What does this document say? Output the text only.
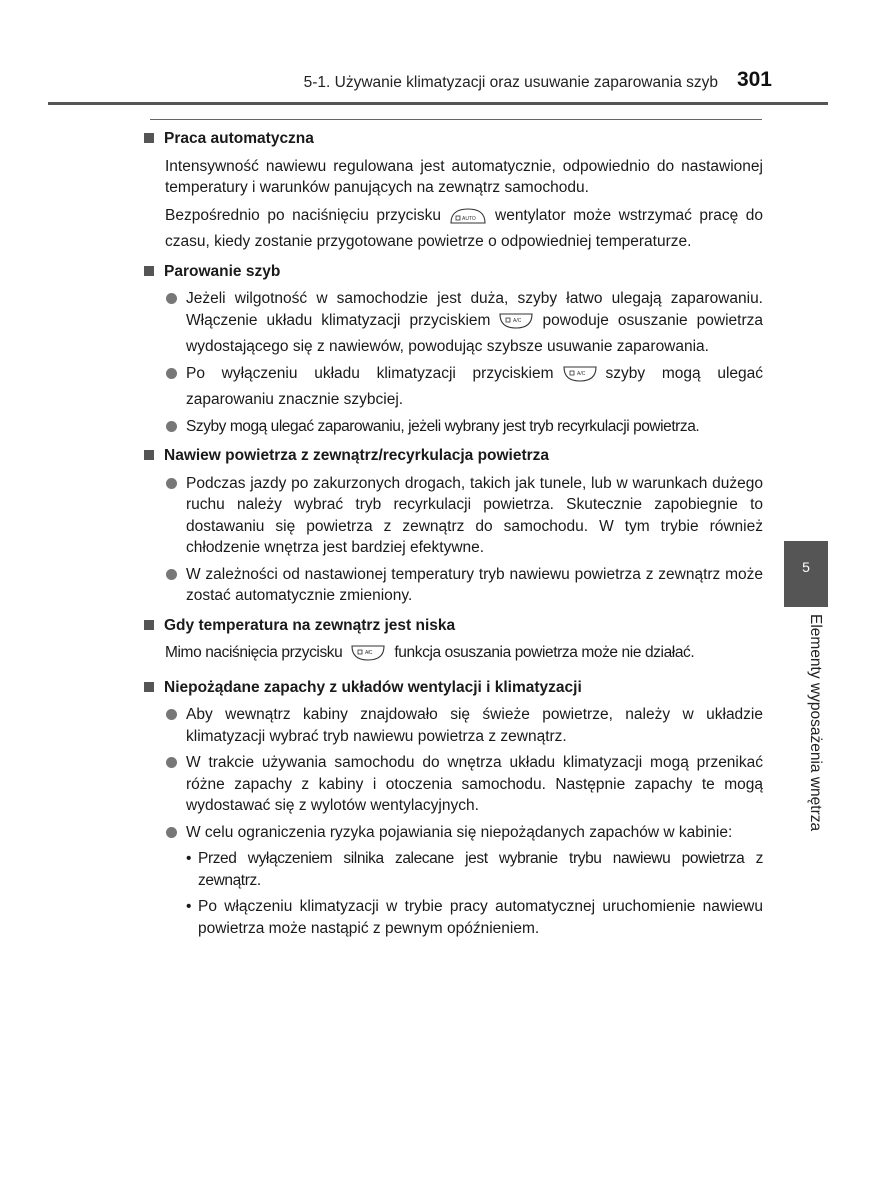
5-1. Używanie klimatyzacji oraz usuwanie zaparowania szyb 301
Praca automatyczna

Intensywność nawiewu regulowana jest automatycznie, odpowiednio do nastawionej temperatury i warunków panujących na zewnątrz samochodu.

Bezpośrednio po naciśnięciu przycisku	AUTO wentylator może wstrzymać pracę do czasu, kiedy zostanie przygotowane powietrze o odpowiedniej temperaturze.

Parowanie szyb
Jeżeli wilgotność w samochodzie jest duża, szyby łatwo ulegają zaparowaniu. Włączenie układu klimatyzacji przyciskiem	A/C powoduje osuszanie powietrza wydostającego się z nawiewów, powodując szybsze usuwanie zaparowania.
Po wyłączeniu układu klimatyzacji przyciskiem	A/C szyby mogą ulegać zaparowaniu znacznie szybciej.
Szyby mogą ulegać zaparowaniu, jeżeli wybrany jest tryb recyrkulacji powietrza.
Nawiew powietrza z zewnątrz/recyrkulacja powietrza
Podczas jazdy po zakurzonych drogach, takich jak tunele, lub w warunkach dużego ruchu należy wybrać tryb recyrkulacji powietrza. Skutecznie zapobiegnie to dostawaniu się powietrza z zewnątrz do samochodu. W tym trybie również chłodzenie wnętrza jest bardziej efektywne.
W zależności od nastawionej temperatury tryb nawiewu powietrza z zewnątrz może zostać automatycznie zmieniony.
Gdy temperatura na zewnątrz jest niska

Mimo naciśnięcia przycisku	A/C funkcja osuszania powietrza może nie działać.

Niepożądane zapachy z układów wentylacji i klimatyzacji
Aby wewnątrz kabiny znajdowało się świeże powietrze, należy w układzie klimatyzacji wybrać tryb nawiewu powietrza z zewnątrz.
W trakcie używania samochodu do wnętrza układu klimatyzacji mogą przenikać różne zapachy z kabiny i otoczenia samochodu. Następnie zapachy te mogą wydostawać się z wylotów wentylacyjnych.
W celu ograniczenia ryzyka pojawiania się niepożądanych zapachów w kabinie:
• Przed wyłączeniem silnika zalecane jest wybranie trybu nawiewu powietrza z zewnątrz.
• Po włączeniu klimatyzacji w trybie pracy automatycznej uruchomienie nawiewu powietrza może nastąpić z pewnym opóźnieniem.
5
Elementy wyposażenia wnętrza
